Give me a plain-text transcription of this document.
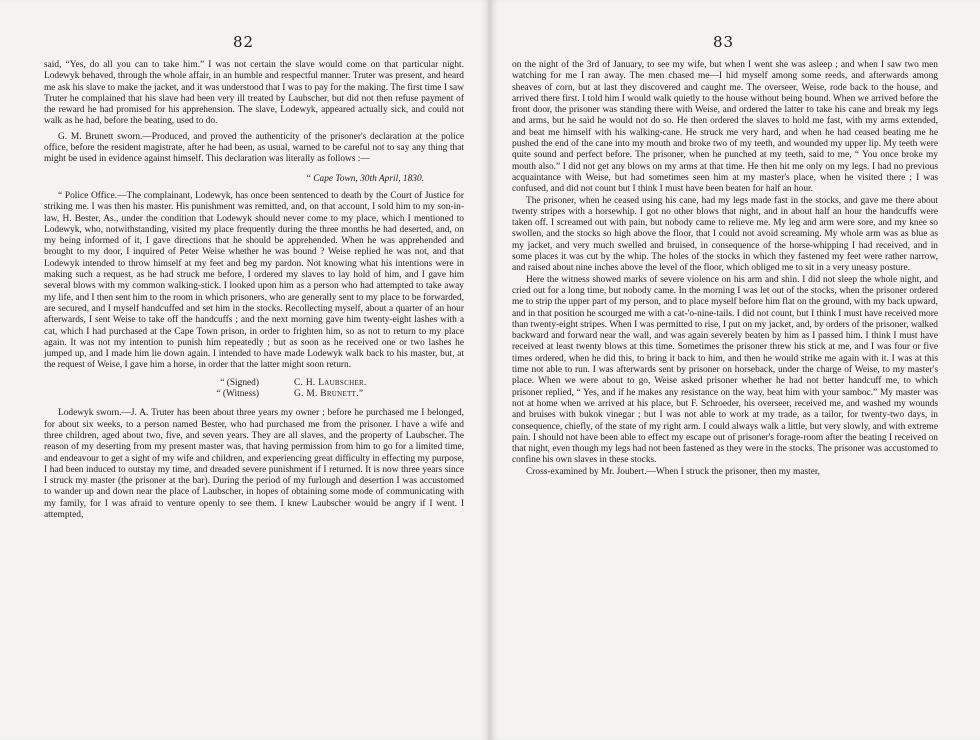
82

said, “Yes, do all you can to take him.” I was not certain the slave would come on that particular night. Lodewyk behaved, through the whole affair, in an humble and respectful manner. Truter was present, and heard me ask his slave to make the jacket, and it was understood that I was to pay for the making. The first time I saw Truter he complained that his slave had been very ill treated by Laubscher, but did not then refuse payment of the reward he had promised for his apprehension. The slave, Lodewyk, appeared actually sick, and could not walk as he had, before the beating, used to do.

G. M. Brunett sworn.—Produced, and proved the authenticity of the prisoner's declaration at the police office, before the resident magistrate, after he had been, as usual, warned to be careful not to say any thing that might be used in evidence against himself. This declaration was literally as follows :—

“ Cape Town, 30th April, 1830.

“ Police Office.—The complainant, Lodewyk, has once been sentenced to death by the Court of Justice for striking me. I was then his master. His punishment was remitted, and, on that account, I sold him to my son-in-law, H. Bester, As., under the condition that Lodewyk should never come to my place, which I mentioned to Lodewyk, who, notwithstanding, visited my place frequently during the three months he had deserted, and, on my being informed of it, I gave directions that he should be apprehended. When he was apprehended and brought to my door, I inquired of Peter Weise whether he was bound ? Weise replied he was not, and that Lodewyk intended to throw himself at my feet and beg my pardon. Not knowing what his intentions were in making such a request, as he had struck me before, I ordered my slaves to lay hold of him, and I gave him several blows with my common walking-stick. I looked upon him as a person who had attempted to take away my life, and I then sent him to the room in which prisoners, who are generally sent to my place to be forwarded, are secured, and I myself handcuffed and set him in the stocks. Recollecting myself, about a quarter of an hour afterwards, I sent Weise to take off the handcuffs ; and the next morning gave him twenty-eight lashes with a cat, which I had purchased at the Cape Town prison, in order to frighten him, so as not to return to my place again. It was not my intention to punish him repeatedly ; but as soon as he received one or two lashes he jumped up, and I made him lie down again. I intended to have made Lodewyk walk back to his master, but, at the request of Weise, I gave him a horse, in order that the latter might soon return.

“ (Signed)	C. H. Laubscher.

“ (Witness)	G. M. Brunett.”

Lodewyk sworn.—J. A. Truter has been about three years my owner ; before he purchased me I belonged, for about six weeks, to a person named Bester, who had purchased me from the prisoner. I have a wife and three children, aged about two, five, and seven years. They are all slaves, and the property of Laubscher. The reason of my deserting from my present master was, that having permission from him to go for a limited time, and endeavour to get a sight of my wife and children, and experiencing great difficulty in effecting my purpose, I had been induced to outstay my time, and dreaded severe punishment if I returned. It is now three years since I struck my master (the prisoner at the bar). During the period of my furlough and desertion I was accustomed to wander up and down near the place of Laubscher, in hopes of obtaining some mode of communicating with my family, for I was afraid to venture openly to see them. I knew Laubscher would be angry if I went. I attempted,

83

on the night of the 3rd of January, to see my wife, but when I went she was asleep ; and when I saw two men watching for me I ran away. The men chased me—I hid myself among some reeds, and afterwards among sheaves of corn, but at last they discovered and caught me. The overseer, Weise, rode back to the house, and arrived there first. I told him I would walk quietly to the house without being bound. When we arrived before the front door, the prisoner was standing there with Weise, and ordered the latter to take his cane and break my legs and arms, but he said he would not do so. He then ordered the slaves to hold me fast, with my arms extended, and beat me himself with his walking-cane. He struck me very hard, and when he had ceased beating me he pushed the end of the cane into my mouth and broke two of my teeth, and wounded my upper lip. My teeth were quite sound and perfect before. The prisoner, when he punched at my teeth, said to me, “ You once broke my mouth also.” I did not get any blows on my arms at that time. He then hit me only on my legs. I had no previous acquaintance with Weise, but had sometimes seen him at my master's place, when he visited there ; I was confused, and did not count but I think I must have been beaten for half an hour.

The prisoner, when he ceased using his cane, had my legs made fast in the stocks, and gave me there about twenty stripes with a horsewhip. I got no other blows that night, and in about half an hour the handcuffs were taken off. I screamed out with pain, but nobody came to relieve me. My leg and arm were sore, and my knee so swollen, and the stocks so high above the floor, that I could not avoid screaming. My whole arm was as blue as my jacket, and very much swelled and bruised, in consequence of the horse-whipping I had received, and in some places it was cut by the whip. The holes of the stocks in which they fastened my feet were rather narrow, and raised about nine inches above the level of the floor, which obliged me to sit in a very uneasy posture.

Here the witness showed marks of severe violence on his arm and shin. I did not sleep the whole night, and cried out for a long time, but nobody came. In the morning I was let out of the stocks, when the prisoner ordered me to strip the upper part of my person, and to place myself before him flat on the ground, with my back upward, and in that position he scourged me with a cat-'o-nine-tails. I did not count, but I think I must have received more than twenty-eight stripes. When I was permitted to rise, I put on my jacket, and, by orders of the prisoner, walked backward and forward near the wall, and was again severely beaten by him as I passed him. I think I must have received at least twenty blows at this time. Sometimes the prisoner threw his stick at me, and I was four or five times ordered, when he did this, to bring it back to him, and then he would strike me again with it. I was at this time not able to run. I was afterwards sent by prisoner on horseback, under the charge of Weise, to my master's place. When we were about to go, Weise asked prisoner whether he had not better handcuff me, to which prisoner replied, “ Yes, and if he makes any resistance on the way, beat him with your samboc.” My master was not at home when we arrived at his place, but F. Schroeder, his overseer, received me, and washed my wounds and bruises with bukok vinegar ; but I was not able to work at my trade, as a tailor, for twenty-two days, in consequence, chiefly, of the state of my right arm. I could always walk a little, but very slowly, and with extreme pain. I should not have been able to effect my escape out of prisoner's forage-room after the beating I received on that night, even though my legs had not been fastened as they were in the stocks. The prisoner was accustomed to confine his own slaves in these stocks.

Cross-examined by Mr. Joubert.—When I struck the prisoner, then my master,
